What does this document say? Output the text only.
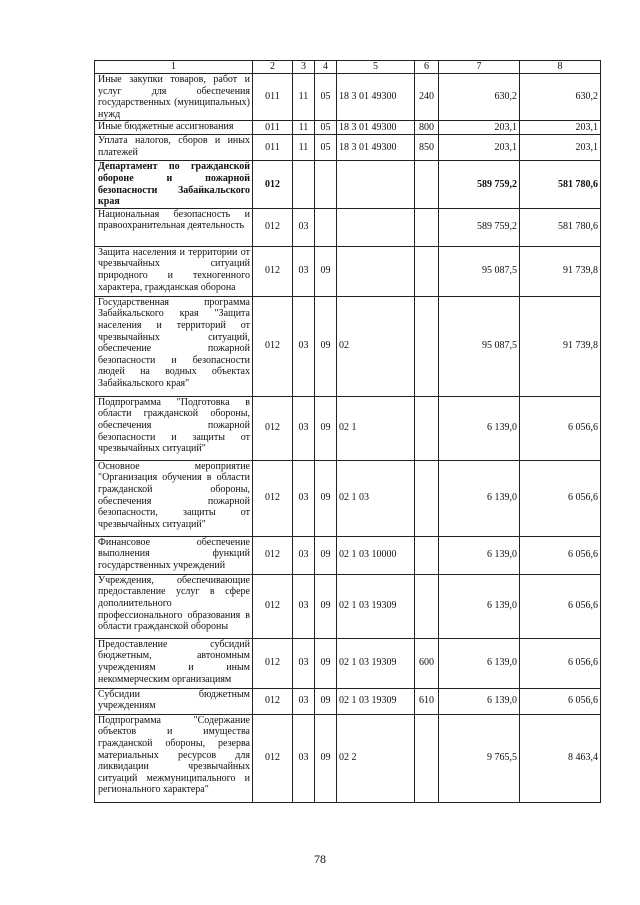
1	2	3	4	5	6	7	8
Иные закупки товаров, работ и услуг для обеспечения государственных (муниципальных) нужд	011	11	05	18 3 01 49300	240	630,2	630,2
Иные бюджетные ассигнования	011	11	05	18 3 01 49300	800	203,1	203,1
Уплата налогов, сборов и иных платежей	011	11	05	18 3 01 49300	850	203,1	203,1
Департамент по гражданской обороне и пожарной безопасности Забайкальского края	012					589 759,2	581 780,6
Национальная безопасность и правоохранительная деятельность	012	03				589 759,2	581 780,6
Защита населения и территории от чрезвычайных ситуаций природного и техногенного характера, гражданская оборона	012	03	09			95 087,5	91 739,8
Государственная программа Забайкальского края "Защита населения и территорий от чрезвычайных ситуаций, обеспечение пожарной безопасности и безопасности людей на водных объектах Забайкальского края"	012	03	09	02		95 087,5	91 739,8
Подпрограмма "Подготовка в области гражданской обороны, обеспечения пожарной безопасности и защиты от чрезвычайных ситуаций"	012	03	09	02 1		6 139,0	6 056,6
Основное мероприятие "Организация обучения в области гражданской обороны, обеспечения пожарной безопасности, защиты от чрезвычайных ситуаций"	012	03	09	02 1 03		6 139,0	6 056,6
Финансовое обеспечение выполнения функций государственных учреждений	012	03	09	02 1 03 10000		6 139,0	6 056,6
Учреждения, обеспечивающие предоставление услуг в сфере дополнительного профессионального образования в области гражданской обороны	012	03	09	02 1 03 19309		6 139,0	6 056,6
Предоставление субсидий бюджетным, автономным учреждениям и иным некоммерческим организациям	012	03	09	02 1 03 19309	600	6 139,0	6 056,6
Субсидии бюджетным учреждениям	012	03	09	02 1 03 19309	610	6 139,0	6 056,6
Подпрограмма "Содержание объектов и имущества гражданской обороны, резерва материальных ресурсов для ликвидации чрезвычайных ситуаций межмуниципального и регионального характера"	012	03	09	02 2		9 765,5	8 463,4
78
